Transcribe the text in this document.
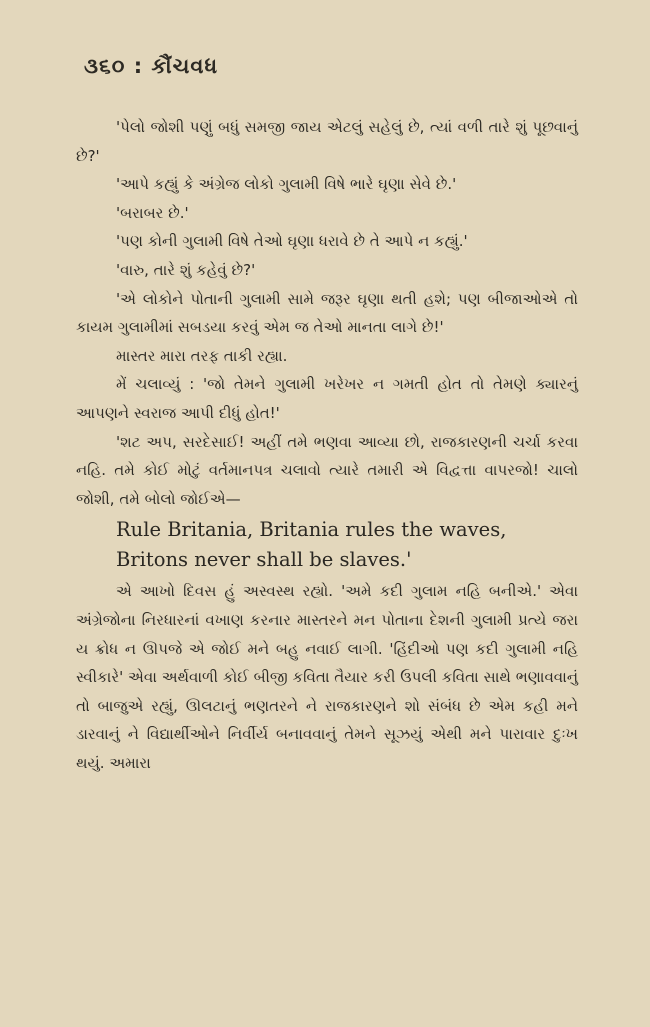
૩૬૦ : કૌંચવધ

'પેલો જોશી પણું બધું સમજી જાય એટલું સહેલું છે, ત્યાં વળી તારે શું પૂછવાનું છે?'

'આપે કહ્યું કે અંગ્રેજ લોકો ગુલામી વિષે ભારે ઘૃણા સેવે છે.'

'બરાબર છે.'

'પણ કોની ગુલામી વિષે તેઓ ઘૃણા ધરાવે છે તે આપે ન કહ્યું.'

'વારુ, તારે શું કહેવું છે?'

'એ લોકોને પોતાની ગુલામી સામે જરૂર ઘૃણા થતી હશે; પણ બીજાઓએ તો કાયમ ગુલામીમાં સબડયા કરવું એમ જ તેઓ માનતા લાગે છે!'

માસ્તર મારા તરફ તાકી રહ્યા.

મેં ચલાવ્યું : 'જો તેમને ગુલામી ખરેખર ન ગમતી હોત તો તેમણે ક્યારનું આપણને સ્વરાજ આપી દીધું હોત!'

'શટ અપ, સરદેસાઈ! અહીં તમે ભણવા આવ્યા છો, રાજકારણની ચર્ચા કરવા નહિ. તમે કોઈ મોટું વર્તમાનપત્ર ચલાવો ત્યારે તમારી એ વિદ્વત્તા વાપરજો! ચાલો જોશી, તમે બોલો જોઈએ—

Rule Britania, Britania rules the waves,
Britons never shall be slaves.'

એ આખો દિવસ હું અસ્વસ્થ રહ્યો. 'અમે કદી ગુલામ નહિ બનીએ.' એવા અંગ્રેજોના નિરધારનાં વખાણ કરનાર માસ્તરને મન પોતાના દેશની ગુલામી પ્રત્યે જરા ય ક્રોધ ન ઊપજે એ જોઈ મને બહુ નવાઈ લાગી. 'હિંદીઓ પણ કદી ગુલામી નહિ સ્વીકારે' એવા અર્થવાળી કોઈ બીજી કવિતા તૈયાર કરી ઉપલી કવિતા સાથે ભણાવવાનું તો બાજુએ રહ્યું, ઊલટાનું ભણતરને ને રાજકારણને શો સંબંધ છે એમ કહી મને ડારવાનું ને વિદ્યાર્થીઓને નિર્વીર્ય બનાવવાનું તેમને સૂઝયું એથી મને પારાવાર દુઃખ થયું. અમારા
